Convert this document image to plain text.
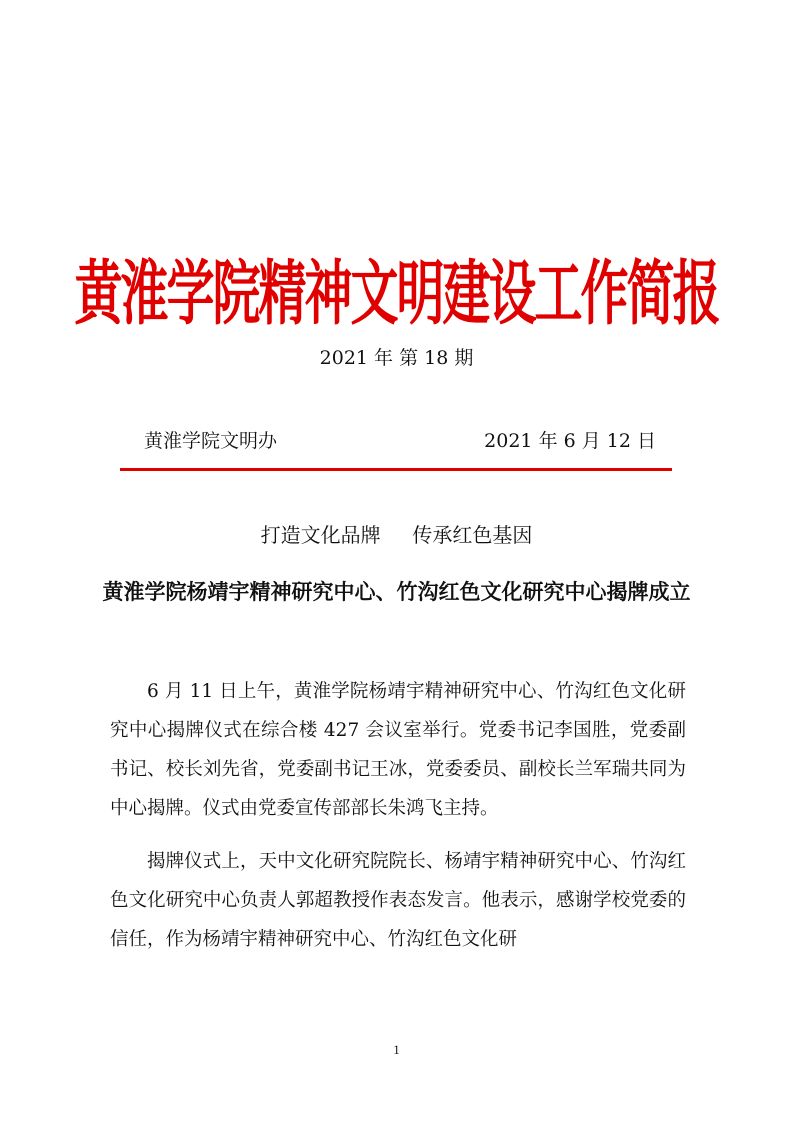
黄淮学院精神文明建设工作简报
2021 年 第 18 期
黄淮学院文明办	2021 年 6 月 12 日
打造文化品牌     传承红色基因
黄淮学院杨靖宇精神研究中心、竹沟红色文化研究中心揭牌成立

6 月 11 日上午，黄淮学院杨靖宇精神研究中心、竹沟红色文化研究中心揭牌仪式在综合楼 427 会议室举行。党委书记李国胜，党委副书记、校长刘先省，党委副书记王冰，党委委员、副校长兰军瑞共同为中心揭牌。仪式由党委宣传部部长朱鸿飞主持。

揭牌仪式上，天中文化研究院院长、杨靖宇精神研究中心、竹沟红色文化研究中心负责人郭超教授作表态发言。他表示，感谢学校党委的信任，作为杨靖宇精神研究中心、竹沟红色文化研

1
